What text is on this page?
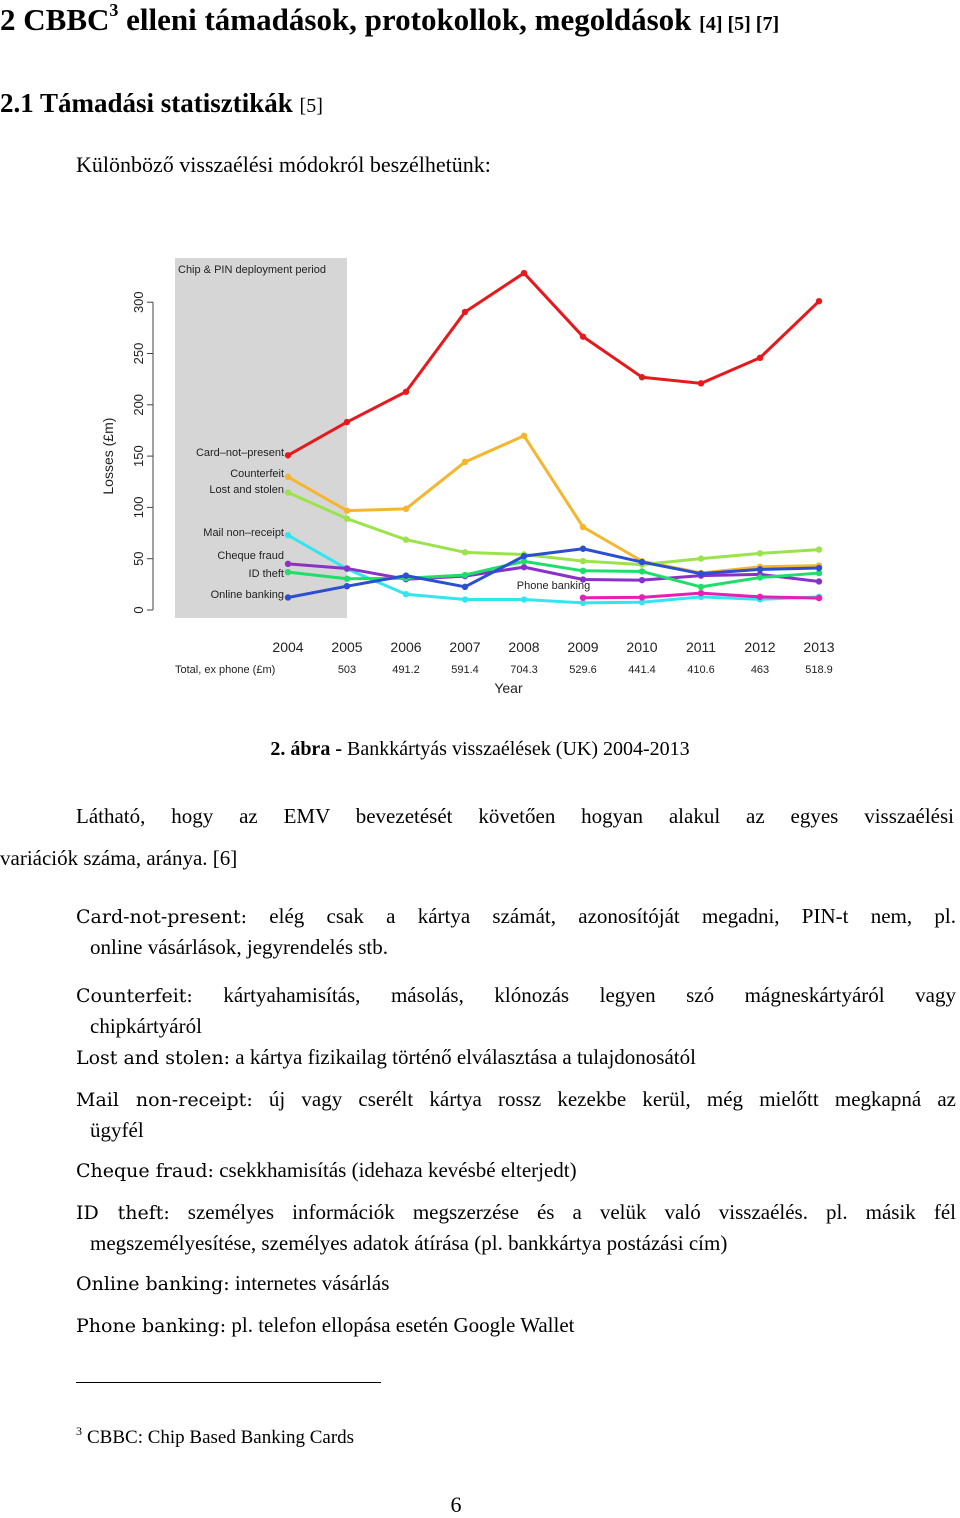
2 CBBC$^3$ elleni támadások, protokollok, megoldások [4] [5] [7]
2.1 Támadási statisztikák [5]
Különböző visszaélési módokról beszélhetünk:
Chip & PIN deployment period
0
50
100
150
200
250
300
2004 2005 2006 2007 2008 2009 2010 2011 2012 2013
Card–not–present
Counterfeit
Lost and stolen
Mail non–receipt
Cheque fraud
ID theft
Online banking
Phone banking
Losses (£m)
Year
Total, ex phone (£m)	503	491.2	591.4	704.3	529.6	441.4	410.6	463	518.9
2. ábra - Bankkártyás visszaélések (UK) 2004-2013
Látható, hogy az EMV bevezetését követően hogyan alakul az egyes visszaélési
variációk száma, aránya. [6]
Card-not-present: elég csak a kártya számát, azonosítóját megadni, PIN-t nem, pl.
online vásárlások, jegyrendelés stb.
Counterfeit: kártyahamisítás, másolás, klónozás legyen szó mágneskártyáról vagy
chipkártyáról
Lost and stolen: a kártya fizikailag történő elválasztása a tulajdonosától
Mail non-receipt: új vagy cserélt kártya rossz kezekbe kerül, még mielőtt megkapná az
ügyfél
Cheque fraud: csekkhamisítás (idehaza kevésbé elterjedt)
ID theft: személyes információk megszerzése és a velük való visszaélés. pl. másik fél
megszemélyesítése, személyes adatok átírása (pl. bankkártya postázási cím)
Online banking: internetes vásárlás
Phone banking: pl. telefon ellopása esetén Google Wallet
$^3$ CBBC: Chip Based Banking Cards
6
